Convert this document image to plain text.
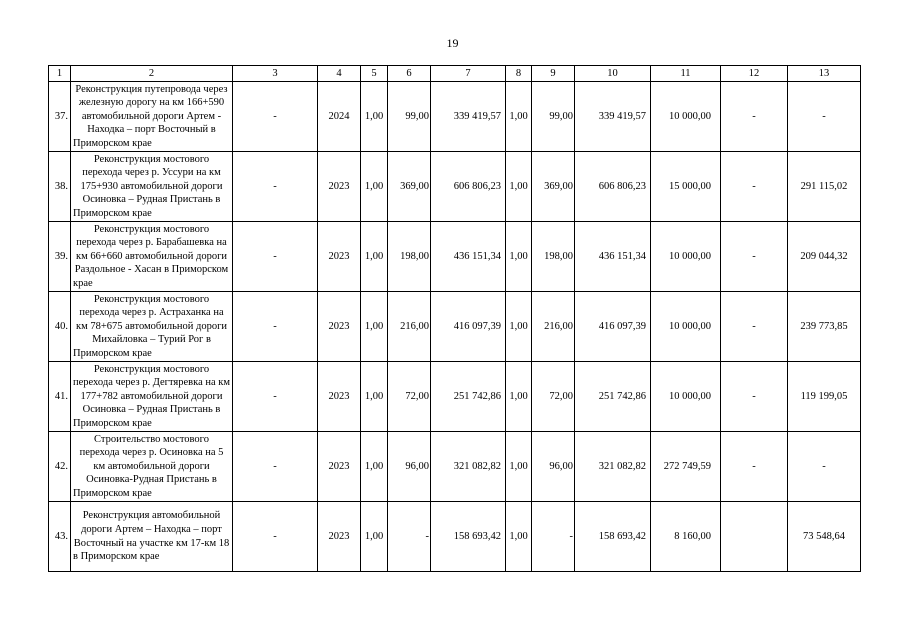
19
1	2	3	4	5	6	7	8	9	10	11	12	13
37.	Реконструкция путепровода через железную дорогу на км 166+590 автомобильной дороги Артем - Находка – порт Восточный в Приморском крае	-	2024	1,00	99,00	339 419,57	1,00	99,00	339 419,57	10 000,00	-	-
38.	Реконструкция мостового перехода через р. Уссури на км 175+930 автомобильной дороги Осиновка – Рудная Пристань в Приморском крае	-	2023	1,00	369,00	606 806,23	1,00	369,00	606 806,23	15 000,00	-	291 115,02
39.	Реконструкция мостового перехода через р. Барабашевка на км 66+660 автомобильной дороги Раздольное - Хасан в Приморском крае	-	2023	1,00	198,00	436 151,34	1,00	198,00	436 151,34	10 000,00	-	209 044,32
40.	Реконструкция мостового перехода через р. Астраханка на км 78+675 автомобильной дороги Михайловка – Турий Рог в Приморском крае	-	2023	1,00	216,00	416 097,39	1,00	216,00	416 097,39	10 000,00	-	239 773,85
41.	Реконструкция мостового перехода через р. Дегтяревка на км 177+782 автомобильной дороги Осиновка – Рудная Пристань в Приморском крае	-	2023	1,00	72,00	251 742,86	1,00	72,00	251 742,86	10 000,00	-	119 199,05
42.	Строительство мостового перехода через р. Осиновка на 5 км автомобильной дороги Осиновка-Рудная Пристань в Приморском крае	-	2023	1,00	96,00	321 082,82	1,00	96,00	321 082,82	272 749,59	-	-
43.	Реконструкция автомобильной дороги Артем – Находка – порт Восточный на участке км 17-км 18 в Приморском крае	-	2023	1,00	-	158 693,42	1,00	-	158 693,42	8 160,00		73 548,64
